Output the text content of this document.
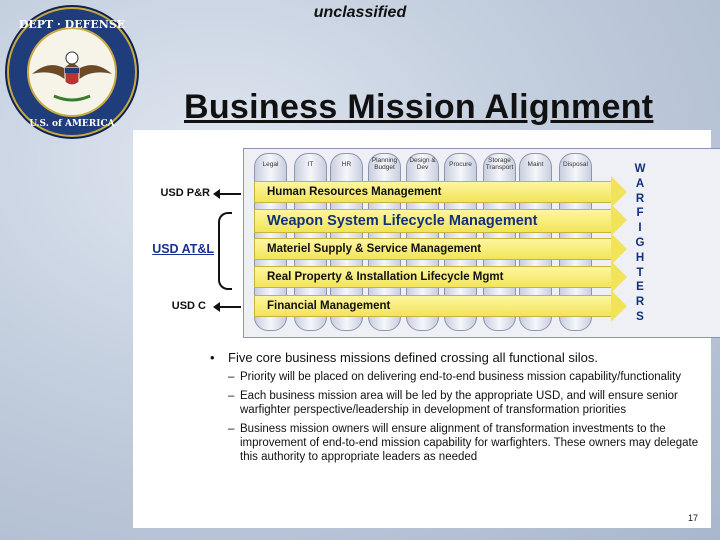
unclassified
DEPT · DEFENSE
U.S. of AMERICA Business Mission Alignment
Legal	IT	HR	Planning Budget
Design & Dev	Procure	Storage Transport	Maint	Disposal
Human Resources Management
Weapon System Lifecycle Management
Materiel Supply & Service Management
Real Property & Installation Lifecycle Mgmt
Financial Management
W
A
R
F
I
G
H
T
E
R
S
USD P&R
USD AT&L
USD C
• Five core business missions defined crossing all functional silos.
– Priority will be placed on delivering end-to-end business mission capability/functionality
– Each business mission area will be led by the appropriate USD, and will ensure senior warfighter perspective/leadership in development of transformation priorities
– Business mission owners will ensure alignment of transformation investments to the improvement of end-to-end mission capability for warfighters. These owners may delegate this authority to appropriate leaders as needed
17
